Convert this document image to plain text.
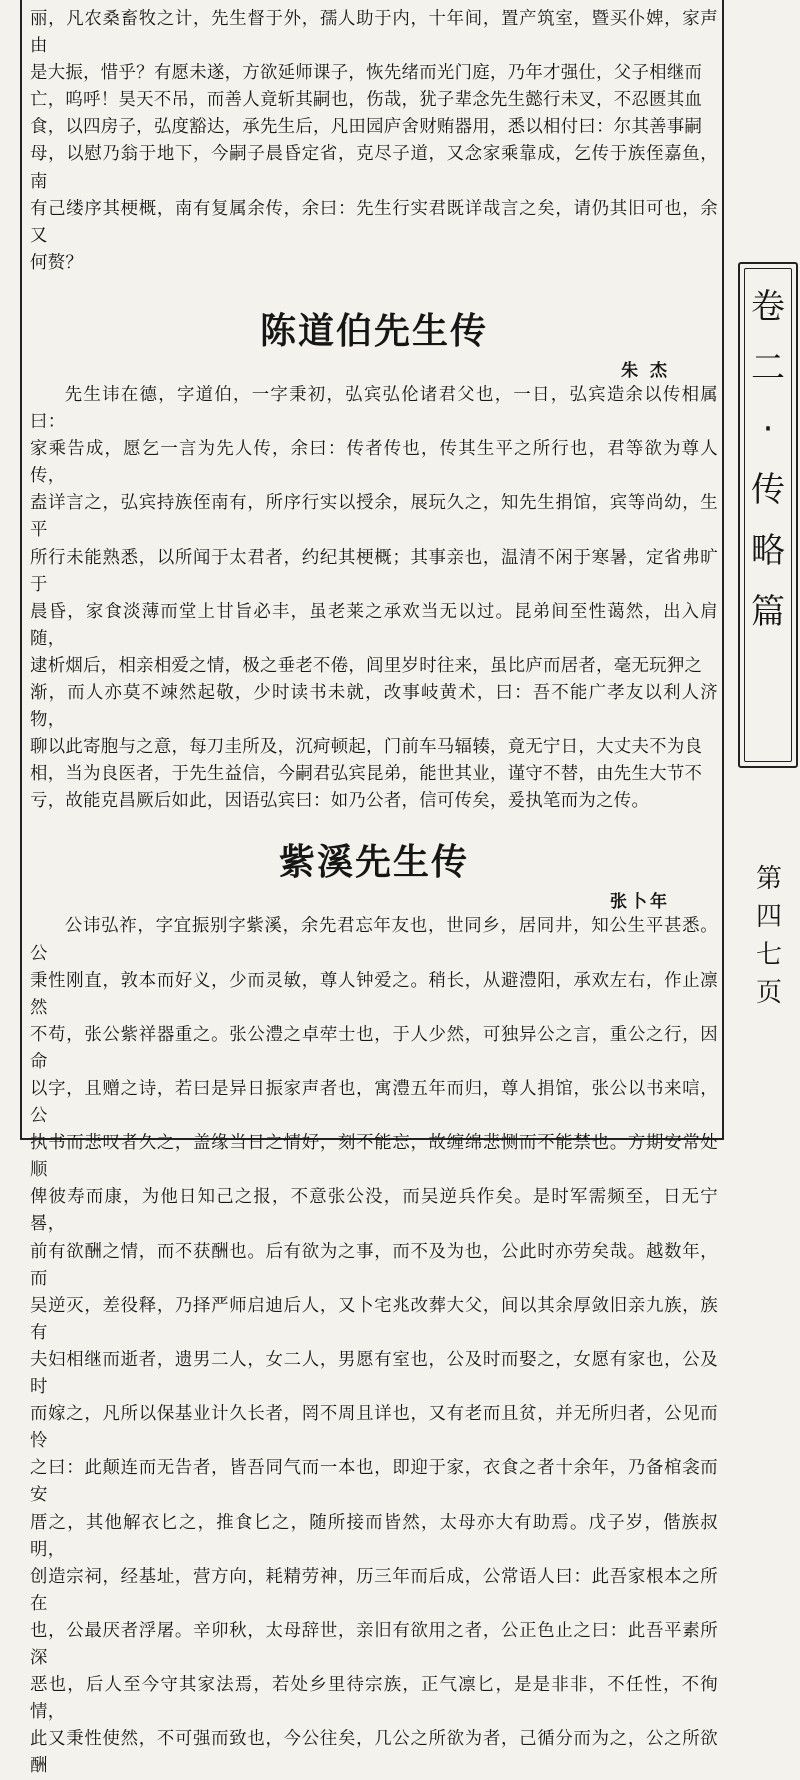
丽，凡农桑畜牧之计，先生督于外，孺人助于内，十年间，置产筑室，暨买仆婢，家声由
是大振，惜乎？有愿未遂，方欲延师课子，恢先绪而光门庭，乃年才强仕，父子相继而
亡，呜呼！昊天不吊，而善人竟斩其嗣也，伤哉，犹子辈念先生懿行未叉，不忍匮其血
食，以四房子，弘度豁达，承先生后，凡田园庐舍财贿器用，悉以相付曰：尔其善事嗣
母，以慰乃翁于地下，今嗣子晨昏定省，克尽子道，又念家乘靠成，乞传于族侄嘉鱼，南
有己缕序其梗概，南有复属余传，余曰：先生行实君既详哉言之矣，请仍其旧可也，余又
何赘？

陈道伯先生传
朱 杰

先生讳在德，字道伯，一字秉初，弘宾弘伦诸君父也，一日，弘宾造余以传相属曰：
家乘告成，愿乞一言为先人传，余曰：传者传也，传其生平之所行也，君等欲为尊人传，
盍详言之，弘宾持族侄南有，所序行实以授余，展玩久之，知先生捐馆，宾等尚幼，生平
所行未能熟悉，以所闻于太君者，约纪其梗概；其事亲也，温清不闲于寒暑，定省弗旷于
晨昏，家食淡薄而堂上甘旨必丰，虽老莱之承欢当无以过。昆弟间至性蔼然，出入肩随，
逮析烟后，相亲相爱之情，极之垂老不倦，闾里岁时往来，虽比庐而居者，毫无玩狎之
渐，而人亦莫不竦然起敬，少时读书未就，改事岐黄术，曰：吾不能广孝友以利人济物，
聊以此寄胞与之意，每刀圭所及，沉疴顿起，门前车马辐辏，竟无宁日，大丈夫不为良
相，当为良医者，于先生益信，今嗣君弘宾昆弟，能世其业，谨守不替，由先生大节不
亏，故能克昌厥后如此，因语弘宾曰：如乃公者，信可传矣，爰执笔而为之传。

紫溪先生传
张卜年

公讳弘祚，字宜振别字紫溪，余先君忘年友也，世同乡，居同井，知公生平甚悉。公
秉性刚直，敦本而好义，少而灵敏，尊人钟爱之。稍长，从避澧阳，承欢左右，作止凛然
不苟，张公紫祥器重之。张公澧之卓荦士也，于人少然，可独异公之言，重公之行，因命
以字，且赠之诗，若曰是异日振家声者也，寓澧五年而归，尊人捐馆，张公以书来唁，公
执书而悲叹者久之，盖缘当日之情好，刻不能忘，故缠绵悲恻而不能禁也。方期安常处顺
俾彼寿而康，为他日知己之报，不意张公没，而吴逆兵作矣。是时军需频至，日无宁晷，
前有欲酬之情，而不获酬也。后有欲为之事，而不及为也，公此时亦劳矣哉。越数年，而
吴逆灭，差役释，乃择严师启迪后人，又卜宅兆改葬大父，间以其余厚敛旧亲九族，族有
夫妇相继而逝者，遗男二人，女二人，男愿有室也，公及时而娶之，女愿有家也，公及时
而嫁之，凡所以保基业计久长者，罔不周且详也，又有老而且贫，并无所归者，公见而怜
之曰：此颠连而无告者，皆吾同气而一本也，即迎于家，衣食之者十余年，乃备棺衾而安
厝之，其他解衣匕之，推食匕之，随所接而皆然，太母亦大有助焉。戊子岁，偕族叔明，
创造宗祠，经基址，营方向，耗精劳神，历三年而后成，公常语人曰：此吾家根本之所在
也，公最厌者浮屠。辛卯秋，太母辞世，亲旧有欲用之者，公正色止之曰：此吾平素所深
恶也，后人至今守其家法焉，若处乡里待宗族，正气凛匕，是是非非，不任性，不徇情，
此又秉性使然，不可强而致也，今公往矣，几公之所欲为者，己循分而为之，公之所欲酬

卷
二
·
传
略
篇
第
四
七
页
